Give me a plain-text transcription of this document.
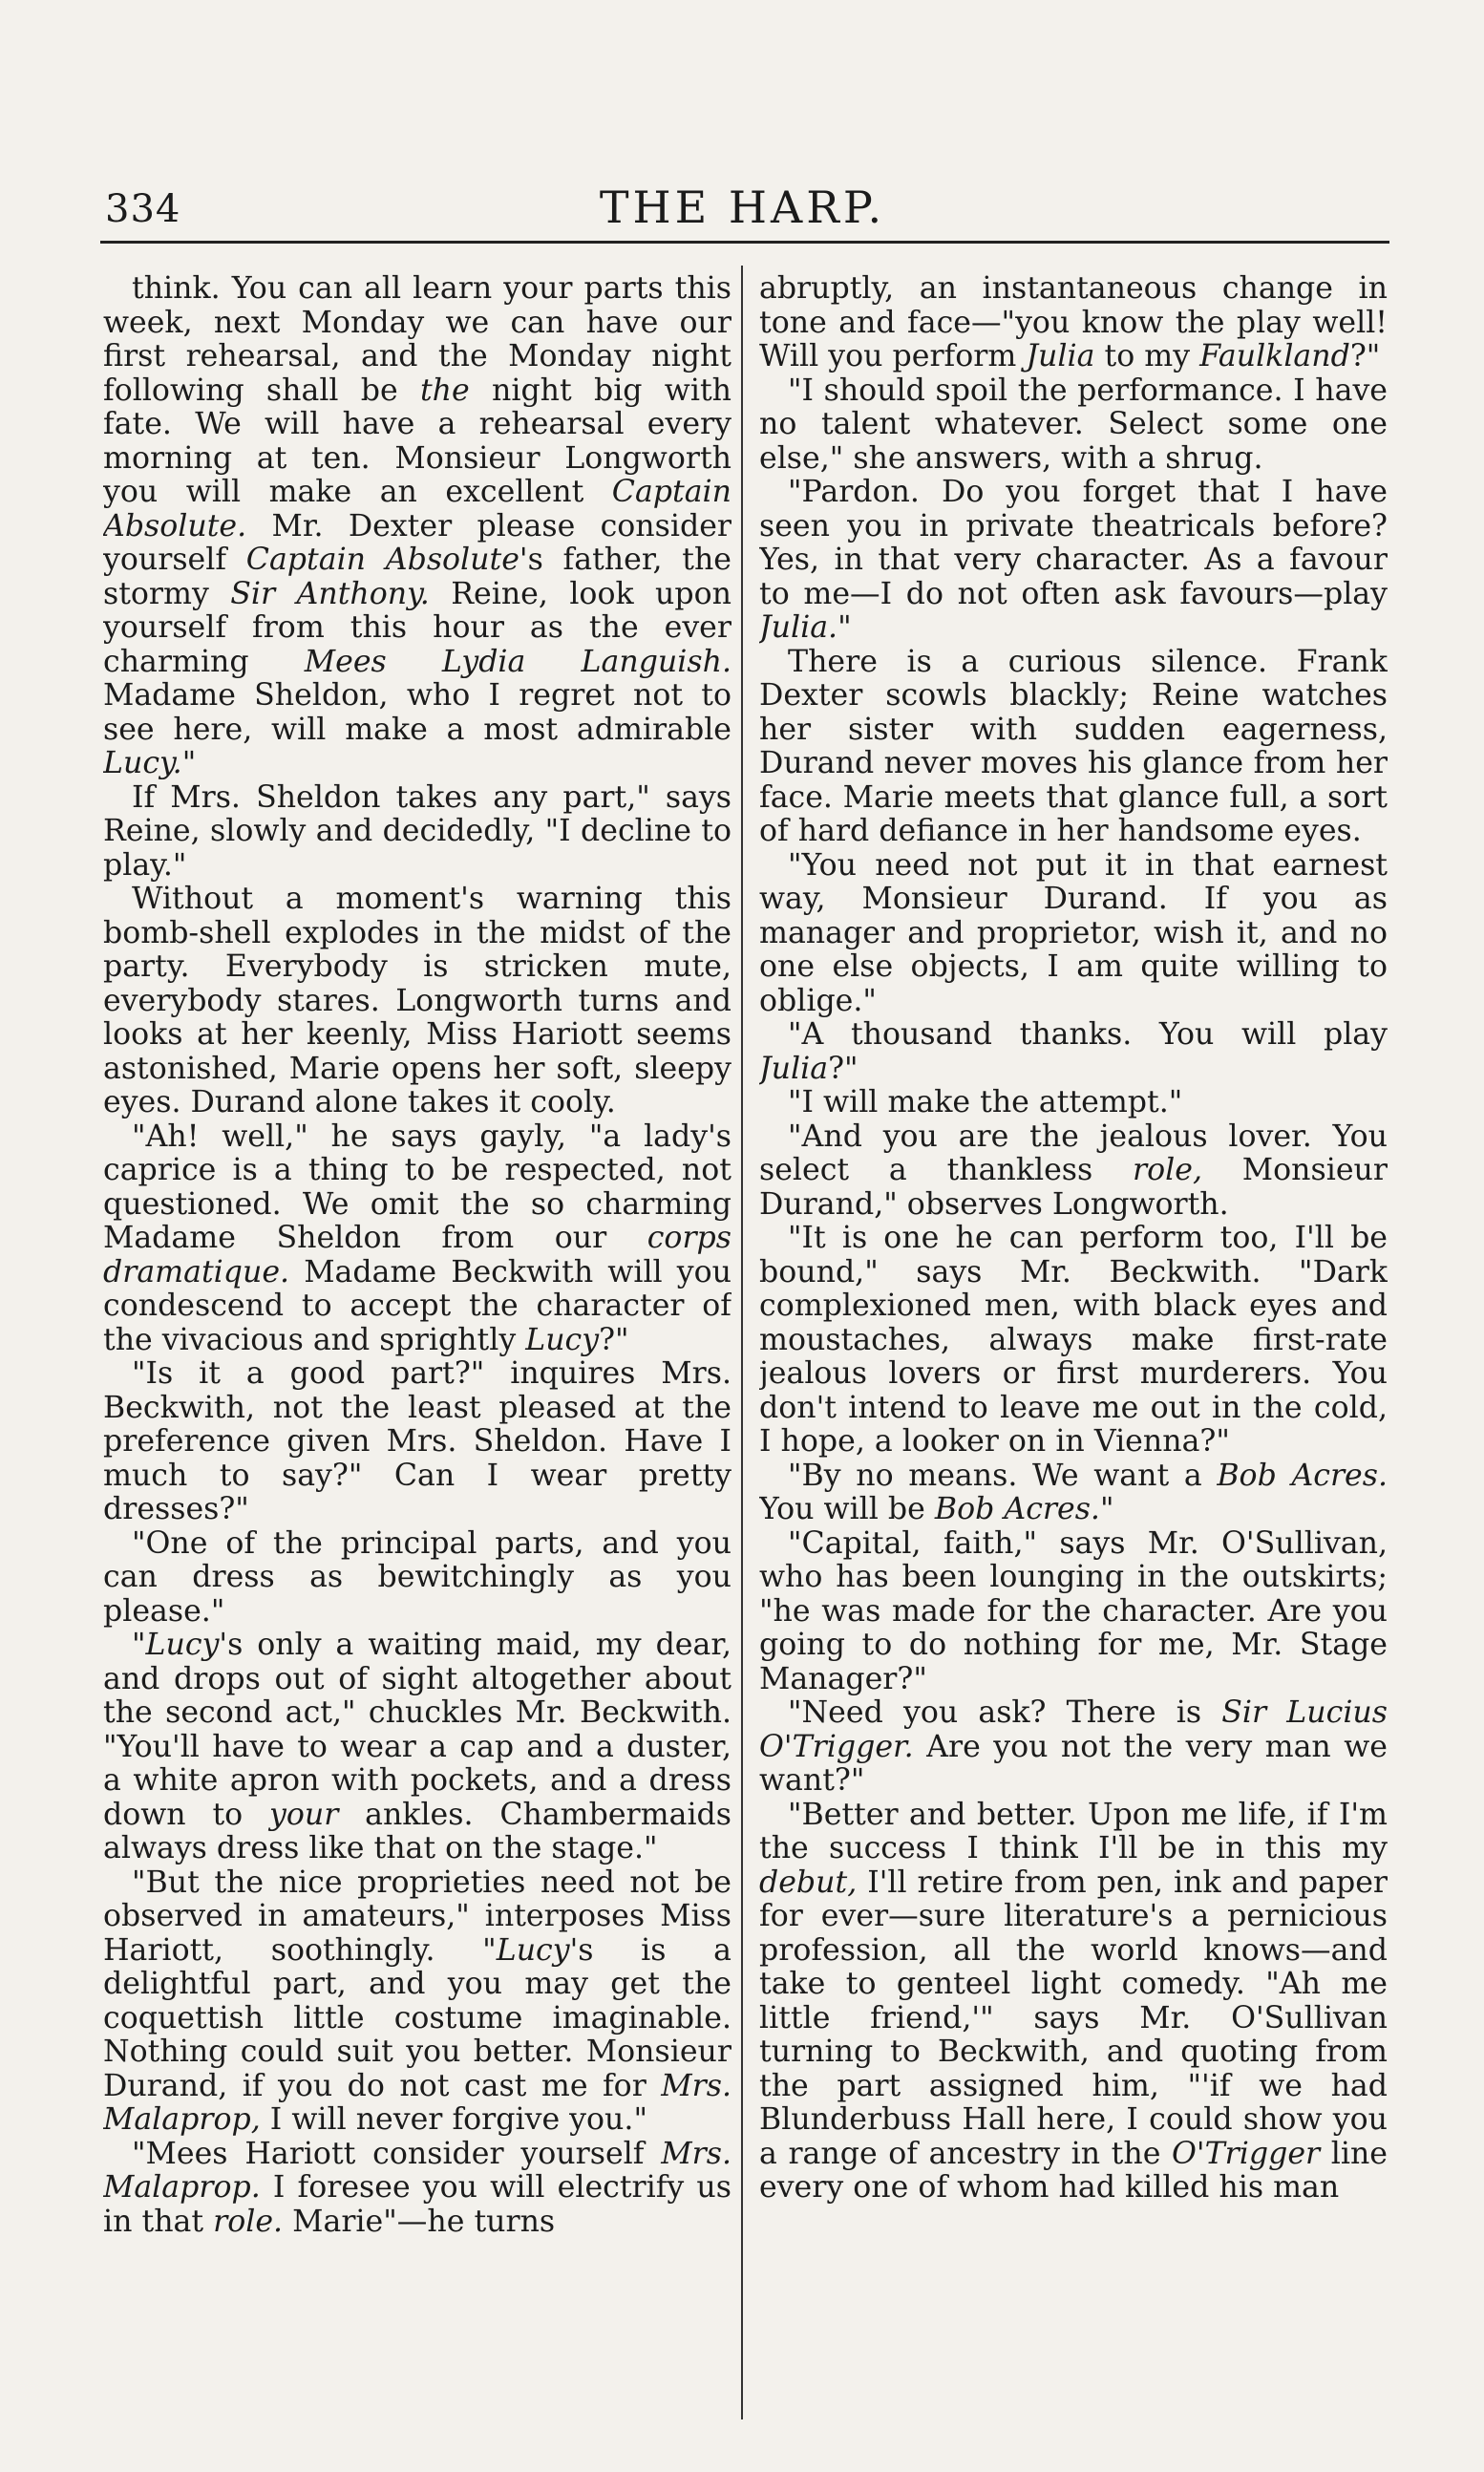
334	THE HARP.

think. You can all learn your parts this week, next Monday we can have our first rehearsal, and the Monday night following shall be the night big with fate. We will have a rehearsal every morning at ten. Monsieur Longworth you will make an excellent Captain Absolute. Mr. Dexter please consider yourself Captain Absolute's father, the stormy Sir Anthony. Reine, look upon yourself from this hour as the ever charming Mees Lydia Languish. Madame Sheldon, who I regret not to see here, will make a most admirable Lucy."

If Mrs. Sheldon takes any part," says Reine, slowly and decidedly, "I decline to play."

Without a moment's warning this bomb-shell explodes in the midst of the party. Everybody is stricken mute, everybody stares. Longworth turns and looks at her keenly, Miss Hariott seems astonished, Marie opens her soft, sleepy eyes. Durand alone takes it cooly.

"Ah! well," he says gayly, "a lady's caprice is a thing to be respected, not questioned. We omit the so charming Madame Sheldon from our corps dramatique. Madame Beckwith will you condescend to accept the character of the vivacious and sprightly Lucy?"

"Is it a good part?" inquires Mrs. Beckwith, not the least pleased at the preference given Mrs. Sheldon. Have I much to say?" Can I wear pretty dresses?"

"One of the principal parts, and you can dress as bewitchingly as you please."

"Lucy's only a waiting maid, my dear, and drops out of sight altogether about the second act," chuckles Mr. Beckwith. "You'll have to wear a cap and a duster, a white apron with pockets, and a dress down to your ankles. Chambermaids always dress like that on the stage."

"But the nice proprieties need not be observed in amateurs," interposes Miss Hariott, soothingly. "Lucy's is a delightful part, and you may get the coquettish little costume imaginable. Nothing could suit you better. Monsieur Durand, if you do not cast me for Mrs. Malaprop, I will never forgive you."

"Mees Hariott consider yourself Mrs. Malaprop. I foresee you will electrify us in that role. Marie"—he turns

abruptly, an instantaneous change in tone and face—"you know the play well! Will you perform Julia to my Faulkland?"

"I should spoil the performance. I have no talent whatever. Select some one else," she answers, with a shrug.

"Pardon. Do you forget that I have seen you in private theatricals before? Yes, in that very character. As a favour to me—I do not often ask favours—play Julia."

There is a curious silence. Frank Dexter scowls blackly; Reine watches her sister with sudden eagerness, Durand never moves his glance from her face. Marie meets that glance full, a sort of hard defiance in her handsome eyes.

"You need not put it in that earnest way, Monsieur Durand. If you as manager and proprietor, wish it, and no one else objects, I am quite willing to oblige."

"A thousand thanks. You will play Julia?"

"I will make the attempt."

"And you are the jealous lover. You select a thankless role, Monsieur Durand," observes Longworth.

"It is one he can perform too, I'll be bound," says Mr. Beckwith. "Dark complexioned men, with black eyes and moustaches, always make first-rate jealous lovers or first murderers. You don't intend to leave me out in the cold, I hope, a looker on in Vienna?"

"By no means. We want a Bob Acres. You will be Bob Acres."

"Capital, faith," says Mr. O'Sullivan, who has been lounging in the outskirts; "he was made for the character. Are you going to do nothing for me, Mr. Stage Manager?"

"Need you ask? There is Sir Lucius O'Trigger. Are you not the very man we want?"

"Better and better. Upon me life, if I'm the success I think I'll be in this my debut, I'll retire from pen, ink and paper for ever—sure literature's a pernicious profession, all the world knows—and take to genteel light comedy. "Ah me little friend,'" says Mr. O'Sullivan turning to Beckwith, and quoting from the part assigned him, "'if we had Blunderbuss Hall here, I could show you a range of ancestry in the O'Trigger line every one of whom had killed his man
